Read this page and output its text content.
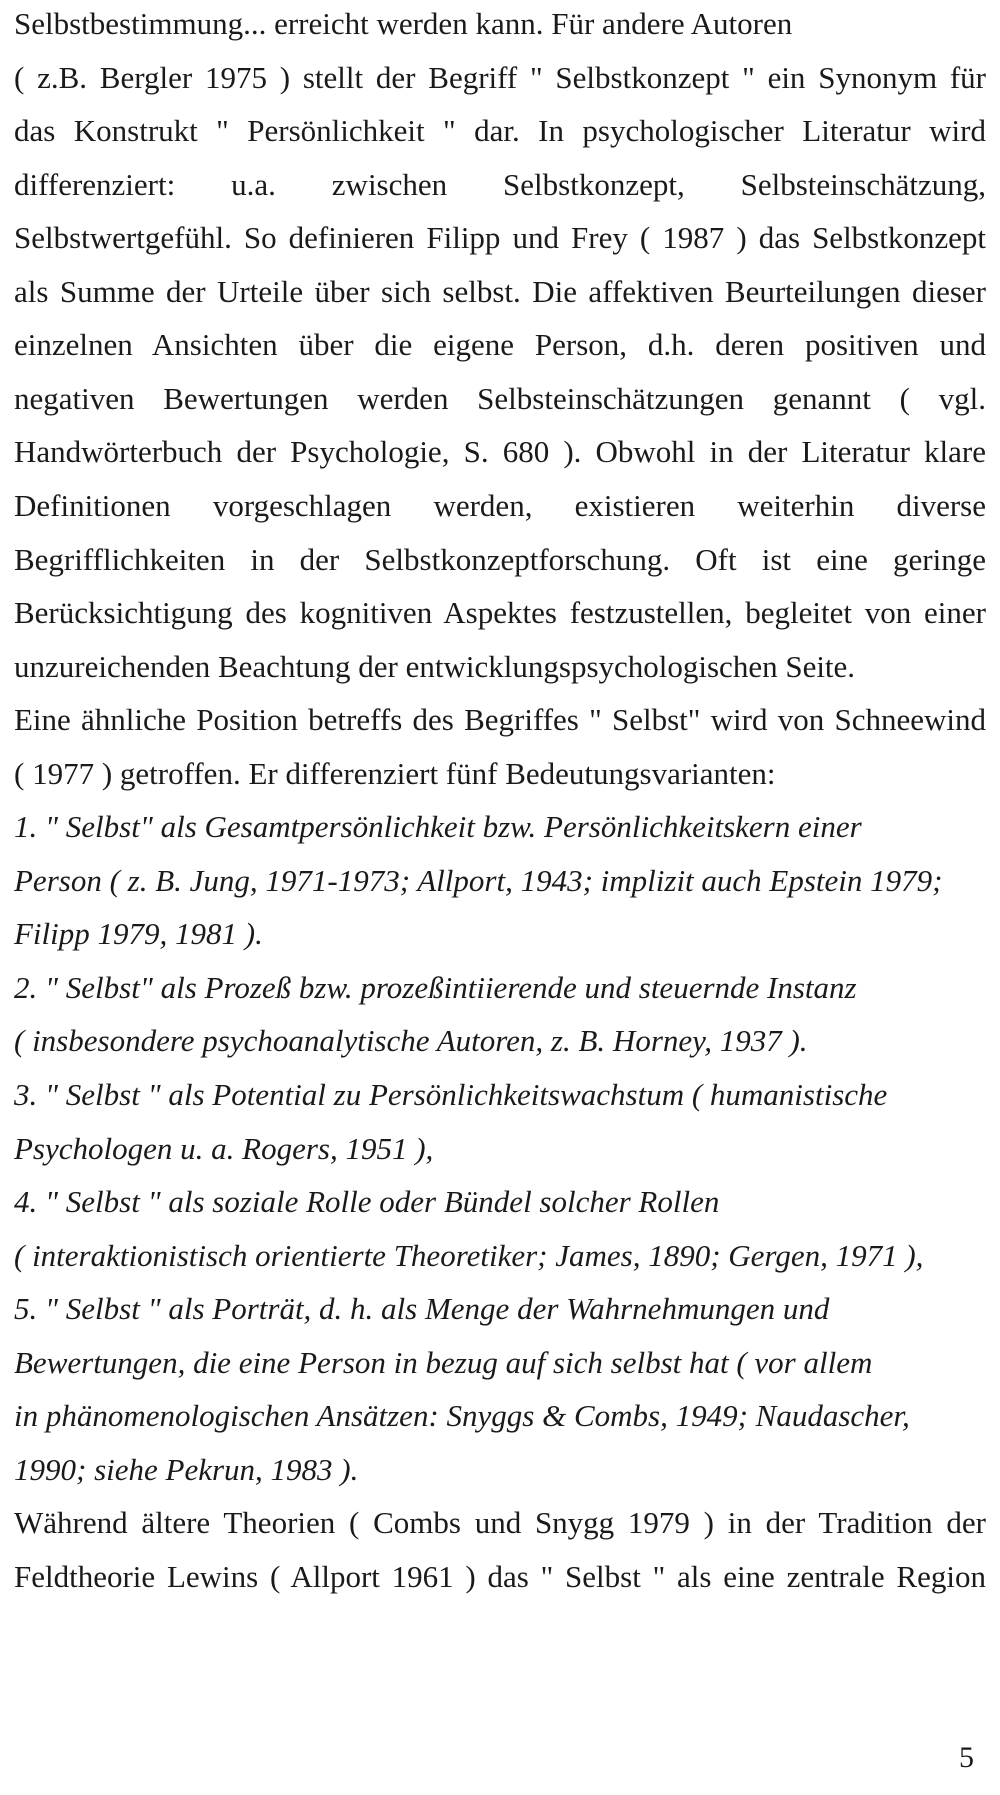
Selbstbestimmung... erreicht werden kann. Für andere Autoren
( z.B. Bergler 1975 ) stellt der Begriff " Selbstkonzept " ein Synonym für
das Konstrukt " Persönlichkeit " dar. In psychologischer Literatur wird
differenziert: u.a. zwischen Selbstkonzept, Selbsteinschätzung,
Selbstwertgefühl. So definieren Filipp und Frey ( 1987 ) das Selbstkonzept
als Summe der Urteile über sich selbst. Die affektiven Beurteilungen dieser
einzelnen Ansichten über die eigene Person, d.h. deren positiven und
negativen Bewertungen werden Selbsteinschätzungen genannt ( vgl.
Handwörterbuch der Psychologie, S. 680 ). Obwohl in der Literatur klare
Definitionen vorgeschlagen werden, existieren weiterhin diverse
Begrifflichkeiten in der Selbstkonzeptforschung. Oft ist eine geringe
Berücksichtigung des kognitiven Aspektes festzustellen, begleitet von einer
unzureichenden Beachtung der entwicklungspsychologischen Seite.
Eine ähnliche Position betreffs des Begriffes " Selbst" wird von Schneewind
( 1977 ) getroffen. Er differenziert fünf Bedeutungsvarianten:
1. " Selbst" als Gesamtpersönlichkeit bzw. Persönlichkeitskern einer
Person ( z. B. Jung, 1971-1973; Allport, 1943; implizit auch Epstein 1979;
Filipp 1979, 1981 ).
2. " Selbst" als Prozeß bzw. prozeßintiierende und steuernde Instanz
( insbesondere psychoanalytische Autoren, z. B. Horney, 1937 ).
3. " Selbst " als Potential zu Persönlichkeitswachstum ( humanistische
Psychologen u. a. Rogers, 1951 ),
4. " Selbst " als soziale Rolle oder Bündel solcher Rollen
( interaktionistisch orientierte Theoretiker; James, 1890; Gergen, 1971 ),
5. " Selbst " als Porträt, d. h. als Menge der Wahrnehmungen und
Bewertungen, die eine Person in bezug auf sich selbst hat ( vor allem
in phänomenologischen Ansätzen: Snyggs & Combs, 1949; Naudascher,
1990; siehe Pekrun, 1983 ).
Während ältere Theorien ( Combs und Snygg 1979 ) in der Tradition der
Feldtheorie Lewins ( Allport 1961 ) das " Selbst " als eine zentrale Region
5
